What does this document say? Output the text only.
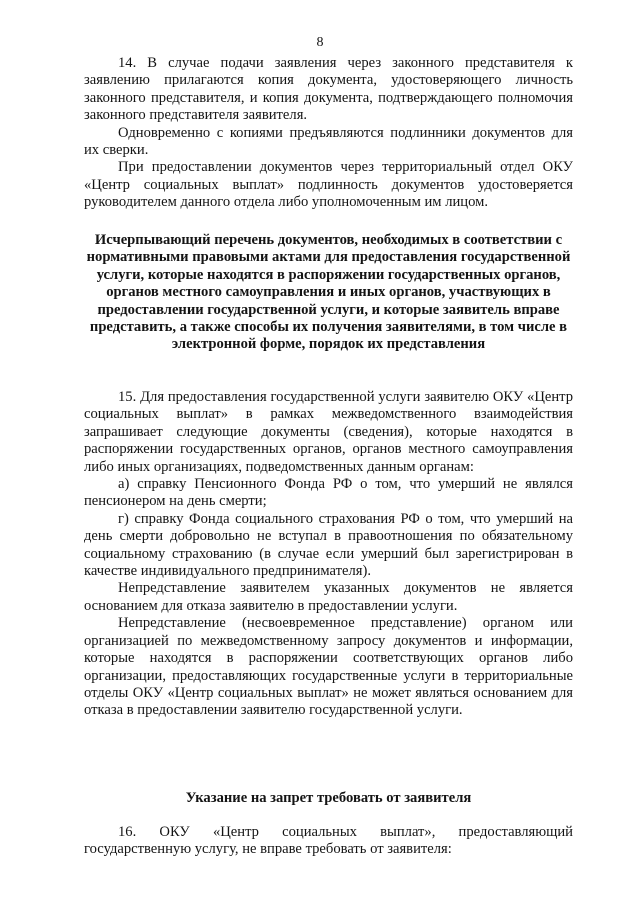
8

14. В случае подачи заявления через законного представителя к заявлению прилагаются копия документа, удостоверяющего личность законного представителя, и копия документа, подтверждающего полномочия законного представителя заявителя.

Одновременно с копиями предъявляются подлинники документов для их сверки.

При предоставлении документов через территориальный отдел ОКУ «Центр социальных выплат» подлинность документов удостоверяется руководителем данного отдела либо уполномоченным им лицом.

Исчерпывающий перечень документов, необходимых в соответствии с нормативными правовыми актами для предоставления государственной услуги, которые находятся в распоряжении государственных органов, органов местного самоуправления и иных органов, участвующих в предоставлении государственной услуги, и которые заявитель вправе представить, а также способы их получения заявителями, в том числе в электронной форме, порядок их представления

15. Для предоставления государственной услуги заявителю ОКУ «Центр социальных выплат» в рамках межведомственного взаимодействия запрашивает следующие документы (сведения), которые находятся в распоряжении государственных органов, органов местного самоуправления либо иных организациях, подведомственных данным органам:

а) справку Пенсионного Фонда РФ о том, что умерший не являлся пенсионером на день смерти;

г) справку Фонда социального страхования РФ о том, что умерший на день смерти добровольно не вступал в правоотношения по обязательному социальному страхованию (в случае если умерший был зарегистрирован в качестве индивидуального предпринимателя).

Непредставление заявителем указанных документов не является основанием для отказа заявителю в предоставлении услуги.

Непредставление (несвоевременное представление) органом или организацией по межведомственному запросу документов и информации, которые находятся в распоряжении соответствующих органов либо организации, предоставляющих государственные услуги в территориальные отделы ОКУ «Центр социальных выплат» не может являться основанием для отказа в предоставлении заявителю государственной услуги.

Указание на запрет требовать от заявителя

16. ОКУ «Центр социальных выплат», предоставляющий государственную услугу, не вправе требовать от заявителя:
